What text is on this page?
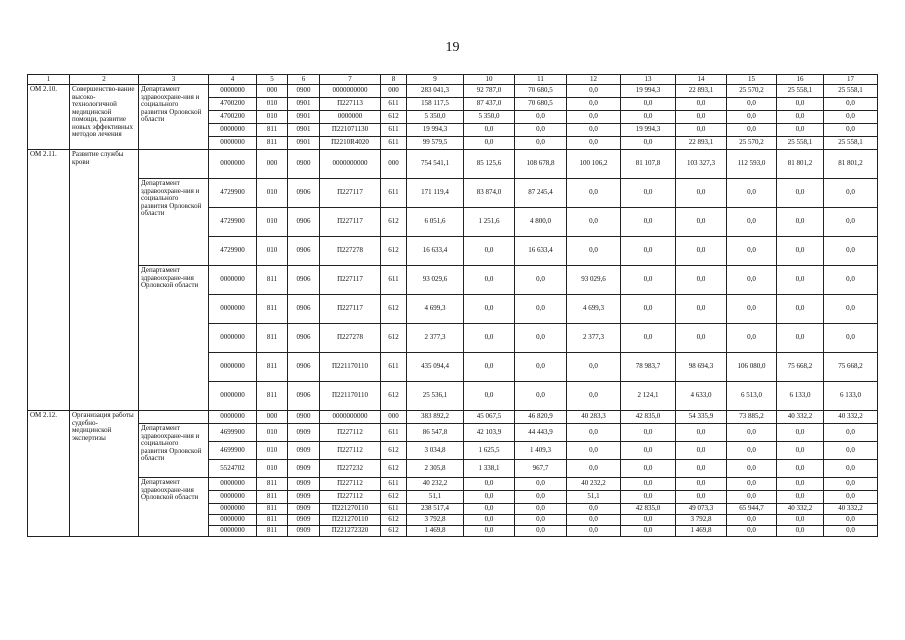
19
1	2	3	4	5	6	7	8	9	10	11	12	13	14	15	16	17
ОМ 2.10.	Совершенство-вание высоко-технологичной медицинской помощи, развитие новых эффективных методов лечения	Департамент здравоохране-ния и социального развития Орловской области	0000000	000	0900	0000000000	000	283 041,3	92 787,0	70 680,5	0,0	19 994,3	22 893,1	25 570,2	25 558,1	25 558,1
			4700200	010	0901	П227113	611	158 117,5	87 437,0	70 680,5	0,0	0,0	0,0	0,0	0,0	0,0
			4700200	010	0901	0000000	612	5 350,0	5 350,0	0,0	0,0	0,0	0,0	0,0	0,0	0,0
			0000000	811	0901	П221071130	611	19 994,3	0,0	0,0	0,0	19 994,3	0,0	0,0	0,0	0,0
			0000000	811	0901	П2210R4020	611	99 579,5	0,0	0,0	0,0	0,0	22 893,1	25 570,2	25 558,1	25 558,1
ОМ 2.11.	Развитие службы крови		0000000	000	0900	0000000000	000	754 541,1	85 125,6	108 678,8	100 106,2	81 107,8	103 327,3	112 593,0	81 801,2	81 801,2
		Департамент здравоохране-ния и социального развития Орловской области	4729900	010	0906	П227117	611	171 119,4	83 874,0	87 245,4	0,0	0,0	0,0	0,0	0,0	0,0
			4729900	010	0906	П227117	612	6 051,6	1 251,6	4 800,0	0,0	0,0	0,0	0,0	0,0	0,0
			4729900	010	0906	П227278	612	16 633,4	0,0	16 633,4	0,0	0,0	0,0	0,0	0,0	0,0
		Департамент здравоохране-ния Орловской области	0000000	811	0906	П227117	611	93 029,6	0,0	0,0	93 029,6	0,0	0,0	0,0	0,0	0,0
			0000000	811	0906	П227117	612	4 699,3	0,0	0,0	4 699,3	0,0	0,0	0,0	0,0	0,0
			0000000	811	0906	П227278	612	2 377,3	0,0	0,0	2 377,3	0,0	0,0	0,0	0,0	0,0
			0000000	811	0906	П221170110	611	435 094,4	0,0	0,0	0,0	78 983,7	98 694,3	106 080,0	75 668,2	75 668,2
			0000000	811	0906	П221170110	612	25 536,1	0,0	0,0	0,0	2 124,1	4 633,0	6 513,0	6 133,0	6 133,0
ОМ 2.12.	Организация работы судебно-медицинской экспертизы		0000000	000	0900	0000000000	000	383 892,2	45 067,5	46 820,9	40 283,3	42 835,0	54 335,9	73 885,2	40 332,2	40 332,2
		Департамент здравоохране-ния и социального развития Орловской области	4699900	010	0909	П227112	611	86 547,8	42 103,9	44 443,9	0,0	0,0	0,0	0,0	0,0	0,0
			4699900	010	0909	П227112	612	3 034,8	1 625,5	1 409,3	0,0	0,0	0,0	0,0	0,0	0,0
			5524702	010	0909	П227232	612	2 305,8	1 338,1	967,7	0,0	0,0	0,0	0,0	0,0	0,0
		Департамент здравоохране-ния Орловской области	0000000	811	0909	П227112	611	40 232,2	0,0	0,0	40 232,2	0,0	0,0	0,0	0,0	0,0
			0000000	811	0909	П227112	612	51,1	0,0	0,0	51,1	0,0	0,0	0,0	0,0	0,0
			0000000	811	0909	П221270110	611	238 517,4	0,0	0,0	0,0	42 835,0	49 073,3	65 944,7	40 332,2	40 332,2
			0000000	811	0909	П221270110	612	3 792,8	0,0	0,0	0,0	0,0	3 792,8	0,0	0,0	0,0
			0000000	811	0909	П221272320	612	1 469,8	0,0	0,0	0,0	0,0	1 469,8	0,0	0,0	0,0
